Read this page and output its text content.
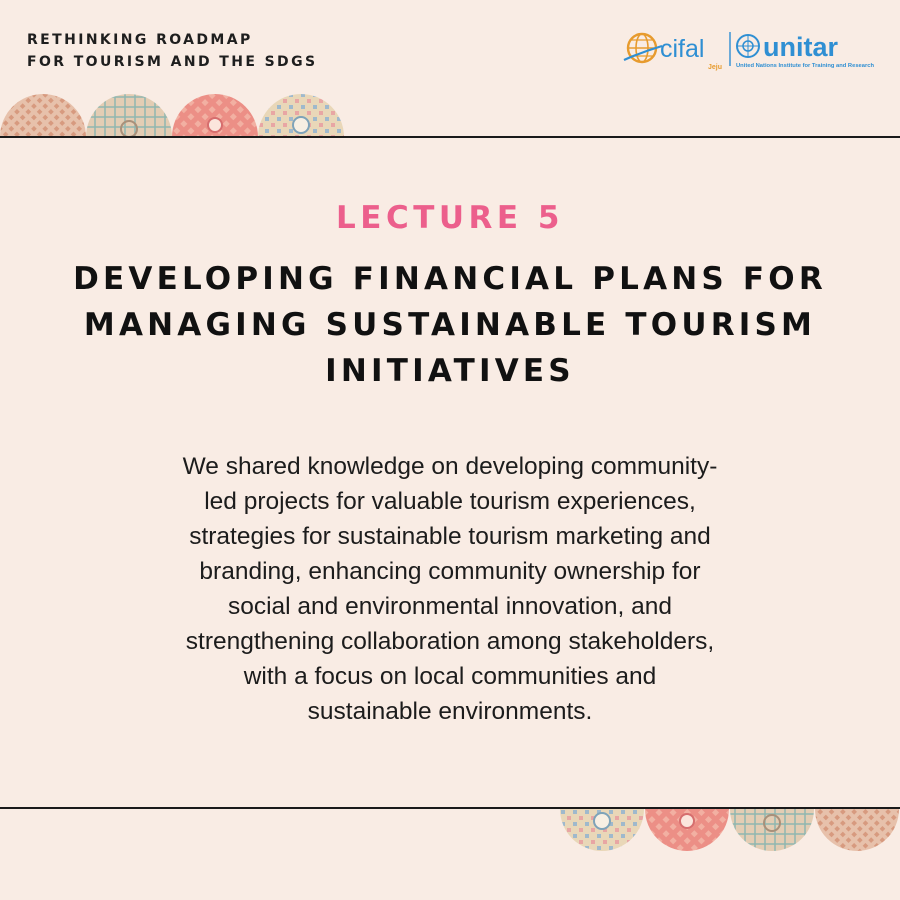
RETHINKING ROADMAP
FOR TOURISM AND THE SDGS	cifal
Jeju
unitar
United Nations Institute for Training and Research
LECTURE 5
DEVELOPING FINANCIAL PLANS FOR
MANAGING SUSTAINABLE TOURISM
INITIATIVES

We shared knowledge on developing community-
led projects for valuable tourism experiences,
strategies for sustainable tourism marketing and
branding, enhancing community ownership for
social and environmental innovation, and
strengthening collaboration among stakeholders,
with a focus on local communities and
sustainable environments.
